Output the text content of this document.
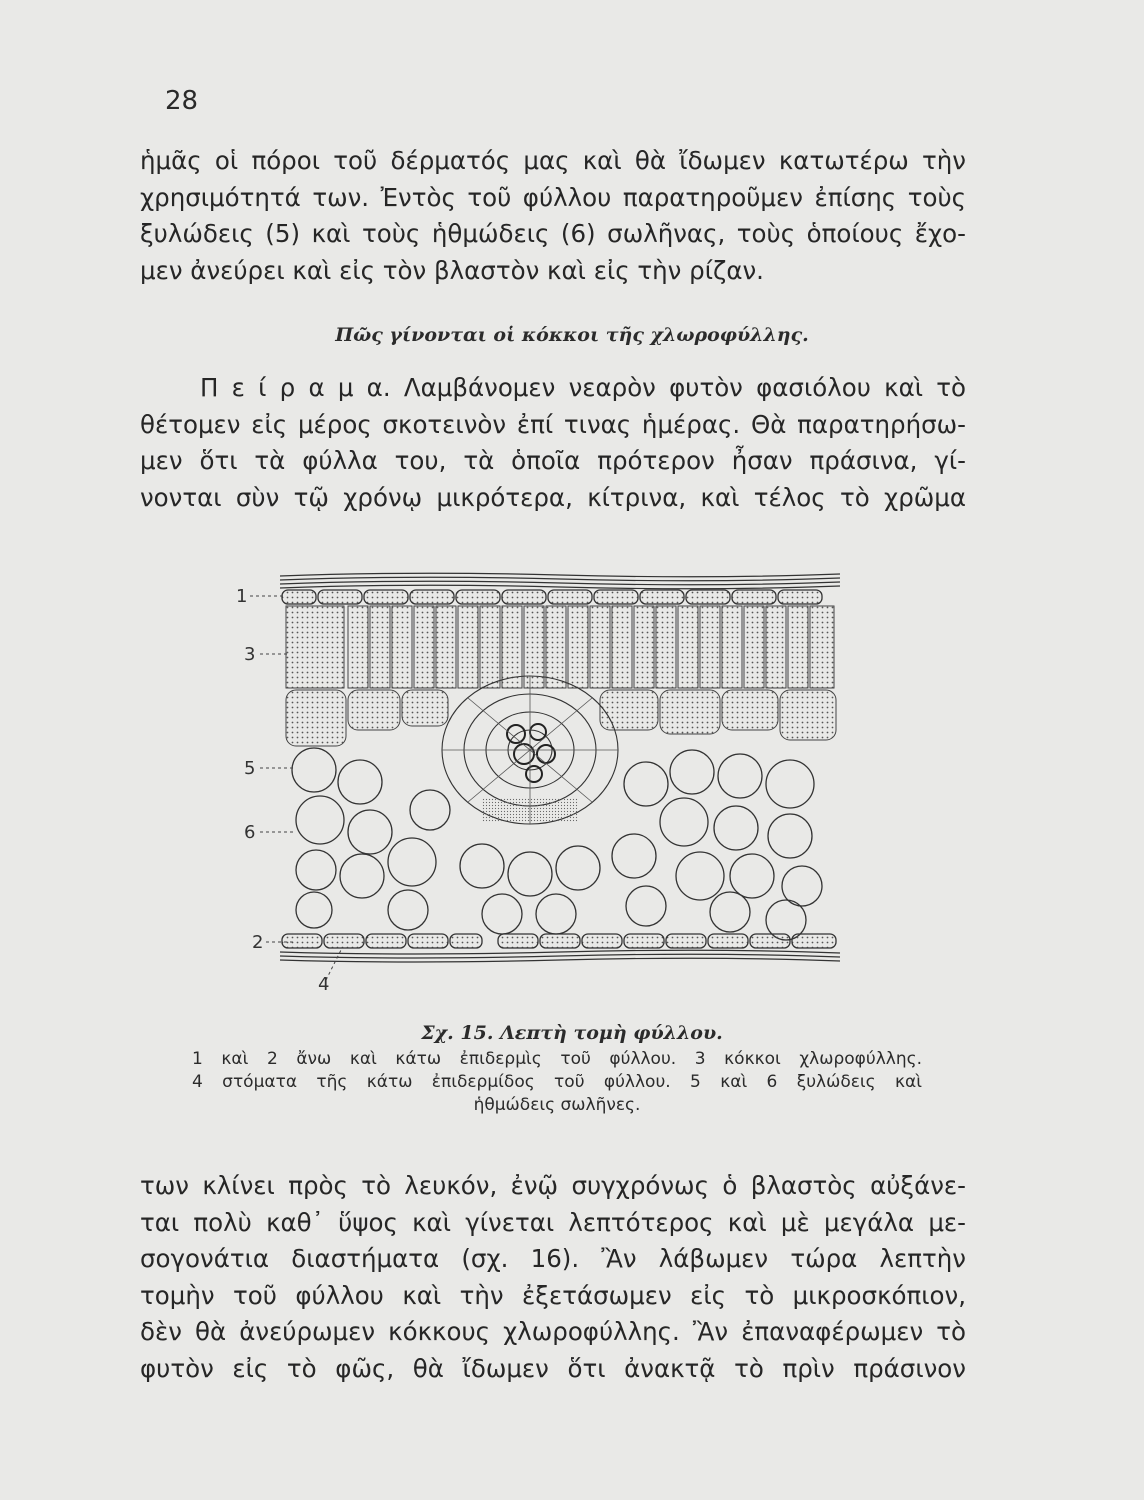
28
ἡμᾶς οἱ πόροι τοῦ δέρματός μας καὶ θὰ ἴδωμεν κατωτέρω τὴν
χρησιμότητά των. Ἐντὸς τοῦ φύλλου παρατηροῦμεν ἐπίσης τοὺς
ξυλώδεις (5) καὶ τοὺς ἡθμώδεις (6) σωλῆνας, τοὺς ὁποίους ἔχο-
μεν ἀνεύρει καὶ εἰς τὸν βλαστὸν καὶ εἰς τὴν ρίζαν.
Πῶς γίνονται οἱ κόκκοι τῆς χλωροφύλλης.
Π ε ί ρ α μ α. Λαμβάνομεν νεαρὸν φυτὸν φασιόλου καὶ τὸ
θέτομεν εἰς μέρος σκοτεινὸν ἐπί τινας ἡμέρας. Θὰ παρατηρήσω-
μεν ὅτι τὰ φύλλα του, τὰ ὁποῖα πρότερον ἦσαν πράσινα, γί-
νονται σὺν τῷ χρόνῳ μικρότερα, κίτρινα, καὶ τέλος τὸ χρῶμα
1
3
5
6
2
4
Σχ. 15. Λεπτὴ τομὴ φύλλου.
1 καὶ 2 ἄνω καὶ κάτω ἐπιδερμὶς τοῦ φύλλου. 3 κόκκοι χλωροφύλλης.
4 στόματα τῆς κάτω ἐπιδερμίδος τοῦ φύλλου. 5 καὶ 6 ξυλώδεις καὶ
ἡθμώδεις σωλῆνες.
των κλίνει πρὸς τὸ λευκόν, ἐνῷ συγχρόνως ὁ βλαστὸς αὐξάνε-
ται πολὺ καθ᾿ ὕψος καὶ γίνεται λεπτότερος καὶ μὲ μεγάλα με-
σογονάτια διαστήματα (σχ. 16). Ἂν λάβωμεν τώρα λεπτὴν
τομὴν τοῦ φύλλου καὶ τὴν ἐξετάσωμεν εἰς τὸ μικροσκόπιον,
δὲν θὰ ἀνεύρωμεν κόκκους χλωροφύλλης. Ἂν ἐπαναφέρωμεν τὸ
φυτὸν εἰς τὸ φῶς, θὰ ἴδωμεν ὅτι ἀνακτᾷ τὸ πρὶν πράσινον
